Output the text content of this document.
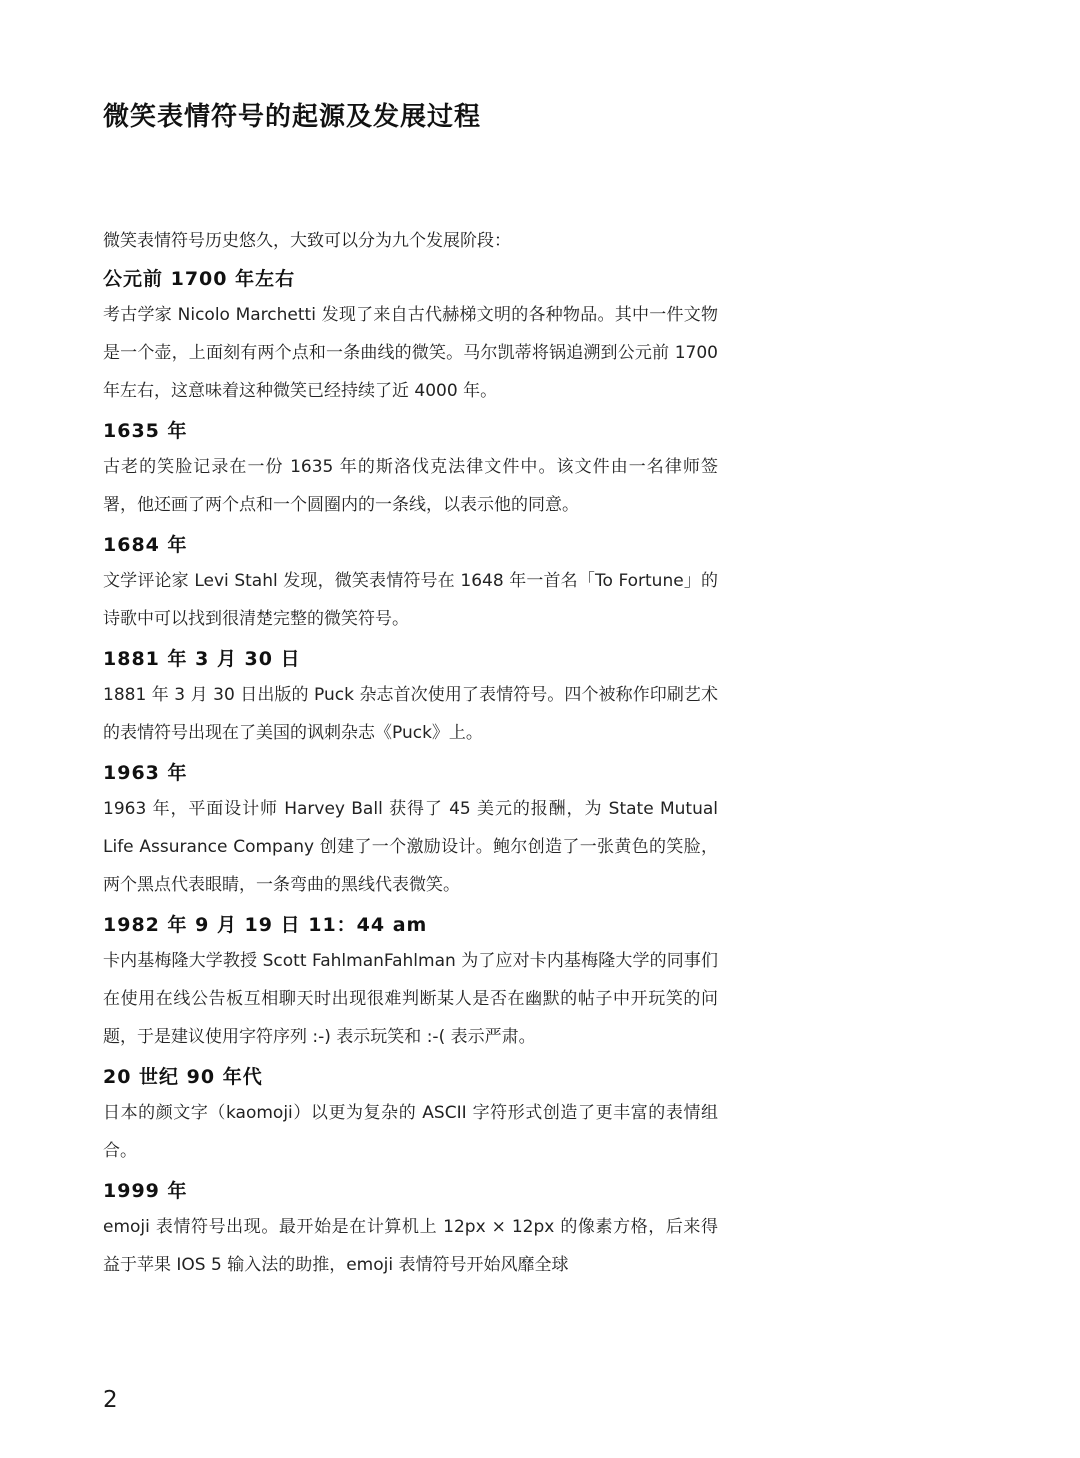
微笑表情符号的起源及发展过程

微笑表情符号历史悠久，大致可以分为九个发展阶段：

公元前 1700 年左右

考古学家 Nicolo Marchetti 发现了来自古代赫梯文明的各种物品。其中一件文物是一个壶，上面刻有两个点和一条曲线的微笑。马尔凯蒂将锅追溯到公元前 1700 年左右，这意味着这种微笑已经持续了近 4000 年。

1635 年

古老的笑脸记录在一份 1635 年的斯洛伐克法律文件中。该文件由一名律师签署，他还画了两个点和一个圆圈内的一条线，以表示他的同意。

1684 年

文学评论家 Levi Stahl 发现，微笑表情符号在 1648 年一首名「To Fortune」的诗歌中可以找到很清楚完整的微笑符号。

1881 年 3 月 30 日

1881 年 3 月 30 日出版的 Puck 杂志首次使用了表情符号。四个被称作印刷艺术的表情符号出现在了美国的讽刺杂志《Puck》上。

1963 年

1963 年，平面设计师 Harvey Ball 获得了 45 美元的报酬，为 State Mutual Life Assurance Company 创建了一个激励设计。鲍尔创造了一张黄色的笑脸，两个黑点代表眼睛，一条弯曲的黑线代表微笑。

1982 年 9 月 19 日 11：44 am

卡内基梅隆大学教授 Scott FahlmanFahlman 为了应对卡内基梅隆大学的同事们在使用在线公告板互相聊天时出现很难判断某人是否在幽默的帖子中开玩笑的问题，于是建议使用字符序列 :-) 表示玩笑和 :-( 表示严肃。

20 世纪 90 年代

日本的颜文字（kaomoji）以更为复杂的 ASCII 字符形式创造了更丰富的表情组合。

1999 年

emoji 表情符号出现。最开始是在计算机上 12px × 12px 的像素方格，后来得益于苹果 IOS 5 输入法的助推，emoji 表情符号开始风靡全球

2
